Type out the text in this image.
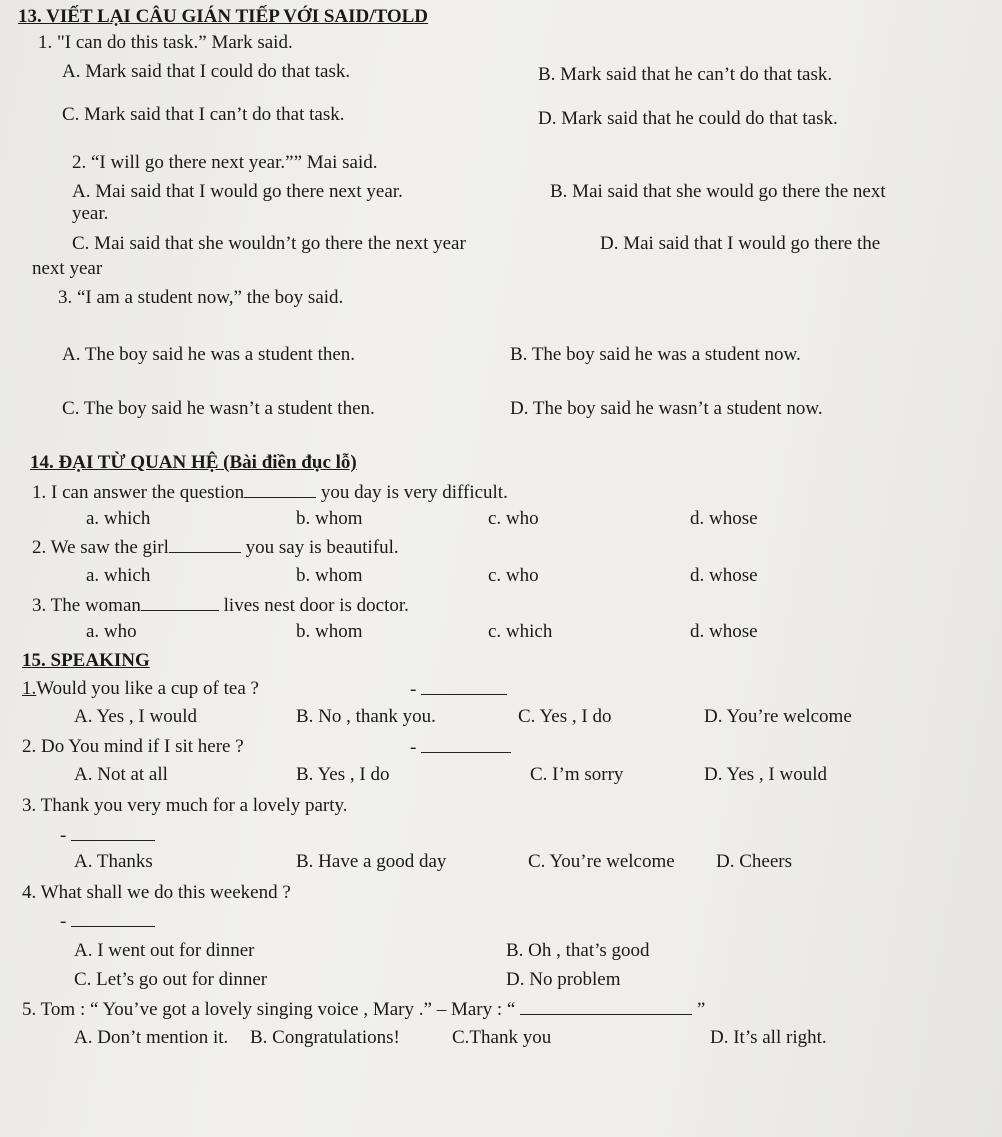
13. VIẾT LẠI CÂU GIÁN TIẾP VỚI SAID/TOLD
1. "I can do this task.” Mark said.
A. Mark said that I could do that task.	B. Mark said that he can’t do that task.
C. Mark said that I can’t do that task.	D. Mark said that he could do that task.
2. “I will go there next year.”” Mai said.
A. Mai said that I would go there next year.	B. Mai said that she would go there the next
year.
C. Mai said that she wouldn’t go there the next year	D. Mai said that I would go there the
next year
3. “I am a student now,” the boy said.
A. The boy said he was a student then.	B. The boy said he was a student now.
C. The boy said he wasn’t a student then.	D. The boy said he wasn’t a student now.
14. ĐẠI TỪ QUAN HỆ (Bài điền đục lỗ)
1. I can answer the question	you day is very difficult.
a. which	b. whom	c. who	d. whose
2. We saw the girl	you say is beautiful.
a. which	b. whom	c. who	d. whose
3. The woman	lives nest door is doctor.
a. who	b. whom	c. which	d. whose
15. SPEAKING
1.Would you like a cup of tea ?	-
A. Yes , I would	B. No , thank you.	C. Yes , I do	D. You’re welcome
2. Do You mind if I sit here ?	-
A. Not at all	B. Yes , I do	C. I’m sorry	D. Yes , I would
3. Thank you very much for a lovely party.
-
A. Thanks	B. Have a good day	C. You’re welcome D. Cheers
4. What shall we do this weekend ?
-
A. I went out for dinner	B. Oh , that’s good
C. Let’s go out for dinner	D. No problem
5. Tom : “ You’ve got a lovely singing voice , Mary .” – Mary : “	”
A. Don’t mention it. B. Congratulations!	C.Thank you	D. It’s all right.
